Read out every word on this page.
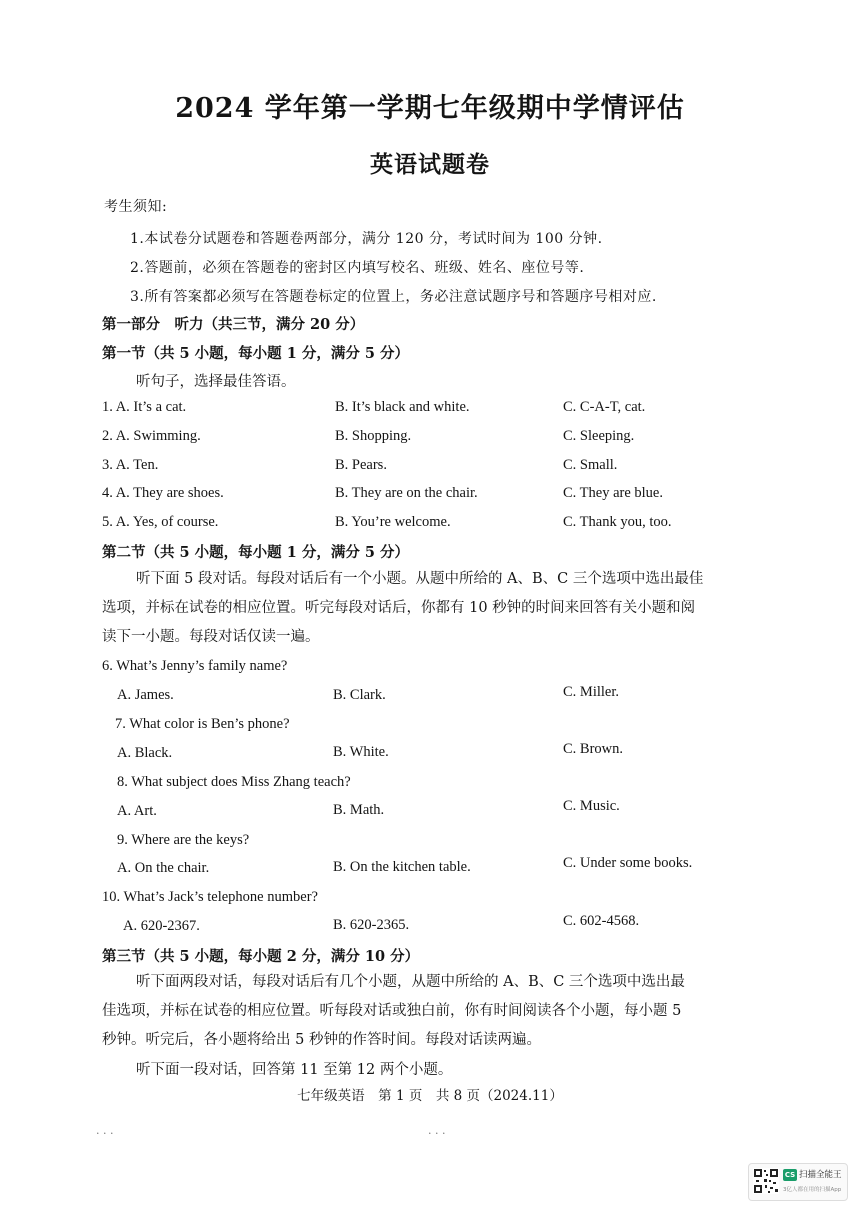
2024 学年第一学期七年级期中学情评估
英语试题卷
考生须知:
1.本试卷分试题卷和答题卷两部分，满分 120 分，考试时间为 100 分钟.
2.答题前，必须在答题卷的密封区内填写校名、班级、姓名、座位号等.
3.所有答案都必须写在答题卷标定的位置上，务必注意试题序号和答题序号相对应.
第一部分　听力（共三节，满分 20 分）
第一节（共 5 小题，每小题 1 分，满分 5 分）
听句子，选择最佳答语。
1. A. It’s a cat.	B. It’s black and white.	C. C-A-T, cat.
2. A. Swimming.	B. Shopping.	C. Sleeping.
3. A. Ten.	B. Pears.	C. Small.
4. A. They are shoes.	B. They are on the chair.	C. They are blue.
5. A. Yes, of course.	B. You’re welcome.	C. Thank you, too.
第二节（共 5 小题，每小题 1 分，满分 5 分）
听下面 5 段对话。每段对话后有一个小题。从题中所给的 A、B、C 三个选项中选出最佳
选项，并标在试卷的相应位置。听完每段对话后，你都有 10 秒钟的时间来回答有关小题和阅
读下一小题。每段对话仅读一遍。
6. What’s Jenny’s family name?
A. James.	B. Clark.	C. Miller.
7. What color is Ben’s phone?
A. Black.	B. White.	C. Brown.
8. What subject does Miss Zhang teach?
A. Art.	B. Math.	C. Music.
9. Where are the keys?
A. On the chair.	B. On the kitchen table.	C. Under some books.
10. What’s Jack’s telephone number?
A. 620-2367.	B. 620-2365.	C. 602-4568.
第三节（共 5 小题，每小题 2 分，满分 10 分）
听下面两段对话，每段对话后有几个小题，从题中所给的 A、B、C 三个选项中选出最
佳选项，并标在试卷的相应位置。听每段对话或独白前，你有时间阅读各个小题，每小题 5
秒钟。听完后，各小题将给出 5 秒钟的作答时间。每段对话读两遍。
听下面一段对话，回答第 11 至第 12 两个小题。
七年级英语　第 1 页　共 8 页（2024.11）
. . .	. . .
CS 扫描全能王
3亿人都在用的扫描App
